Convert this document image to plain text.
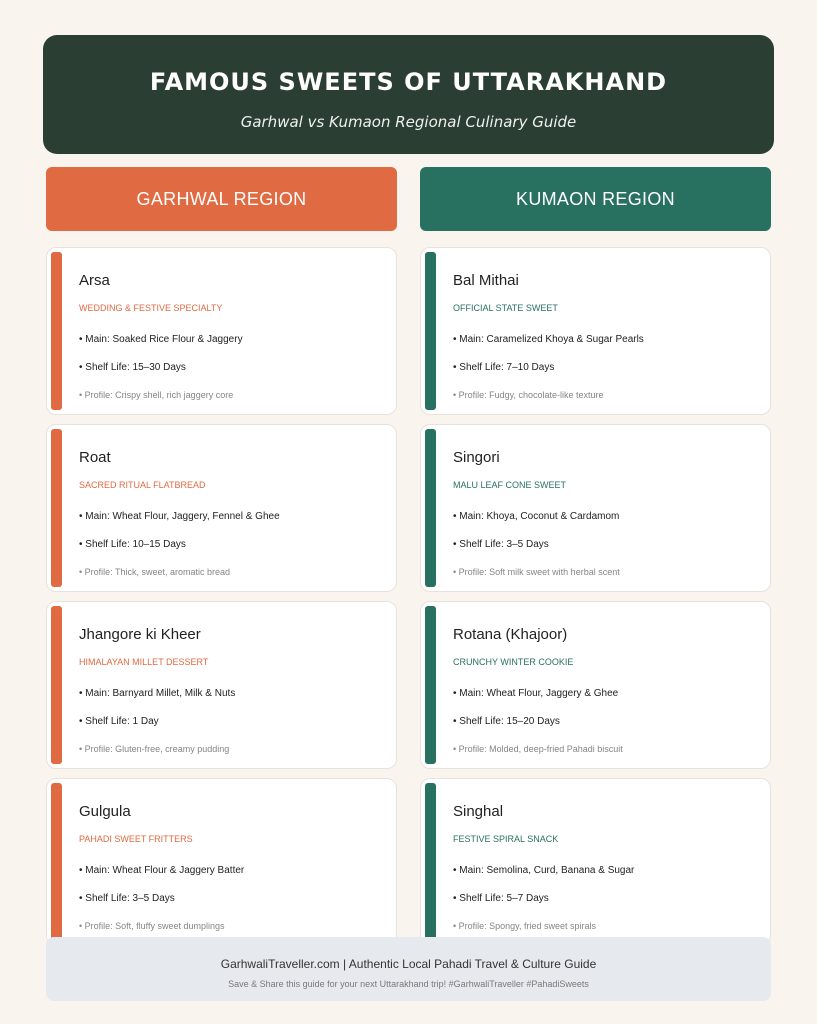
FAMOUS SWEETS OF UTTARAKHAND

Garhwal vs Kumaon Regional Culinary Guide

GARHWAL REGION	KUMAON REGION
Arsa
WEDDING & FESTIVE SPECIALTY
• Main: Soaked Rice Flour & Jaggery
• Shelf Life: 15–30 Days
• Profile: Crispy shell, rich jaggery core
Roat
SACRED RITUAL FLATBREAD
• Main: Wheat Flour, Jaggery, Fennel & Ghee
• Shelf Life: 10–15 Days
• Profile: Thick, sweet, aromatic bread
Jhangore ki Kheer
HIMALAYAN MILLET DESSERT
• Main: Barnyard Millet, Milk & Nuts
• Shelf Life: 1 Day
• Profile: Gluten-free, creamy pudding
Gulgula
PAHADI SWEET FRITTERS
• Main: Wheat Flour & Jaggery Batter
• Shelf Life: 3–5 Days
• Profile: Soft, fluffy sweet dumplings
Bal Mithai
OFFICIAL STATE SWEET
• Main: Caramelized Khoya & Sugar Pearls
• Shelf Life: 7–10 Days
• Profile: Fudgy, chocolate-like texture
Singori
MALU LEAF CONE SWEET
• Main: Khoya, Coconut & Cardamom
• Shelf Life: 3–5 Days
• Profile: Soft milk sweet with herbal scent
Rotana (Khajoor)
CRUNCHY WINTER COOKIE
• Main: Wheat Flour, Jaggery & Ghee
• Shelf Life: 15–20 Days
• Profile: Molded, deep-fried Pahadi biscuit
Singhal
FESTIVE SPIRAL SNACK
• Main: Semolina, Curd, Banana & Sugar
• Shelf Life: 5–7 Days
• Profile: Spongy, fried sweet spirals
GarhwaliTraveller.com | Authentic Local Pahadi Travel & Culture Guide
Save & Share this guide for your next Uttarakhand trip! #GarhwaliTraveller #PahadiSweets
